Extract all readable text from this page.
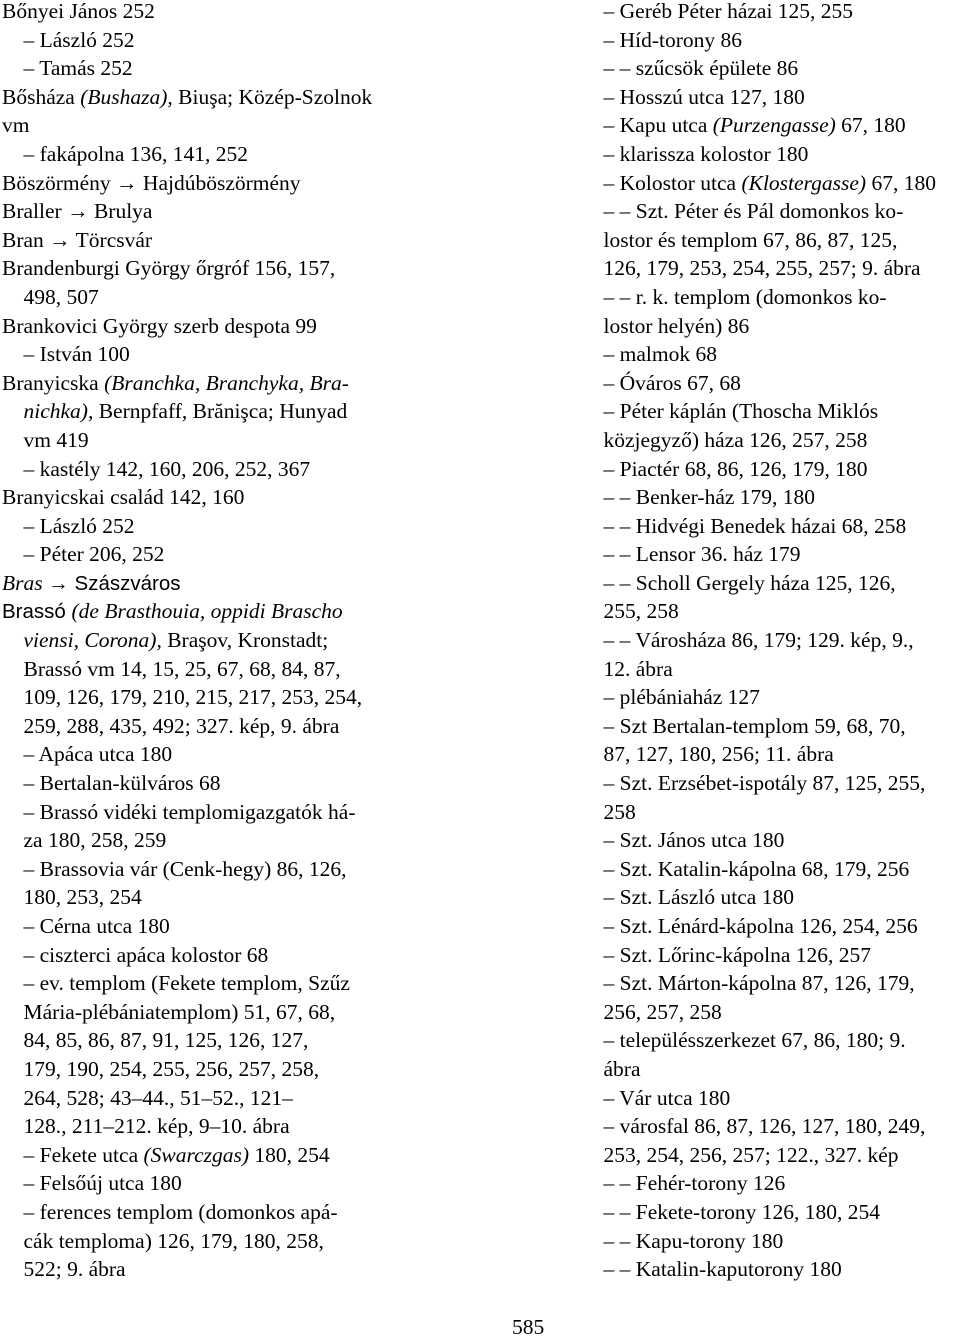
Bőnyei János 252
– László 252
– Tamás 252
Bősháza (Bushaza), Biuşa; Közép-Szolnok
vm
– fakápolna 136, 141, 252
Böszörmény → Hajdúböszörmény
Braller → Brulya
Bran → Törcsvár
Brandenburgi György őrgróf 156, 157,
498, 507
Brankovici György szerb despota 99
– István 100
Branyicska (Branchka, Branchyka, Bra-
nichka), Bernpfaff, Brănişca; Hunyad
vm 419
– kastély 142, 160, 206, 252, 367
Branyicskai család 142, 160
– László 252
– Péter 206, 252
Bras → Szászváros
Brassó (de Brasthouia, oppidi Brascho
viensi, Corona), Braşov, Kronstadt;
Brassó vm 14, 15, 25, 67, 68, 84, 87,
109, 126, 179, 210, 215, 217, 253, 254,
259, 288, 435, 492; 327. kép, 9. ábra
– Apáca utca 180
– Bertalan-külváros 68
– Brassó vidéki templomigazgatók há-
za 180, 258, 259
– Brassovia vár (Cenk-hegy) 86, 126,
180, 253, 254
– Cérna utca 180
– ciszterci apáca kolostor 68
– ev. templom (Fekete templom, Szűz
Mária-plébániatemplom) 51, 67, 68,
84, 85, 86, 87, 91, 125, 126, 127,
179, 190, 254, 255, 256, 257, 258,
264, 528; 43–44., 51–52., 121–
128., 211–212. kép, 9–10. ábra
– Fekete utca (Swarczgas) 180, 254
– Felsőúj utca 180
– ferences templom (domonkos apá-
cák temploma) 126, 179, 180, 258,
522; 9. ábra
– Geréb Péter házai 125, 255
– Híd-torony 86
– – szűcsök épülete 86
– Hosszú utca 127, 180
– Kapu utca (Purzengasse) 67, 180
– klarissza kolostor 180
– Kolostor utca (Klostergasse) 67, 180
– – Szt. Péter és Pál domonkos ko-
lostor és templom 67, 86, 87, 125,
126, 179, 253, 254, 255, 257; 9. ábra
– – r. k. templom (domonkos ko-
lostor helyén) 86
– malmok 68
– Óváros 67, 68
– Péter káplán (Thoscha Miklós
közjegyző) háza 126, 257, 258
– Piactér 68, 86, 126, 179, 180
– – Benker-ház 179, 180
– – Hidvégi Benedek házai 68, 258
– – Lensor 36. ház 179
– – Scholl Gergely háza 125, 126,
255, 258
– – Városháza 86, 179; 129. kép, 9.,
12. ábra
– plébániaház 127
– Szt Bertalan-templom 59, 68, 70,
87, 127, 180, 256; 11. ábra
– Szt. Erzsébet-ispotály 87, 125, 255,
258
– Szt. János utca 180
– Szt. Katalin-kápolna 68, 179, 256
– Szt. László utca 180
– Szt. Lénárd-kápolna 126, 254, 256
– Szt. Lőrinc-kápolna 126, 257
– Szt. Márton-kápolna 87, 126, 179,
256, 257, 258
– településszerkezet 67, 86, 180; 9.
ábra
– Vár utca 180
– városfal 86, 87, 126, 127, 180, 249,
253, 254, 256, 257; 122., 327. kép
– – Fehér-torony 126
– – Fekete-torony 126, 180, 254
– – Kapu-torony 180
– – Katalin-kaputorony 180
585
